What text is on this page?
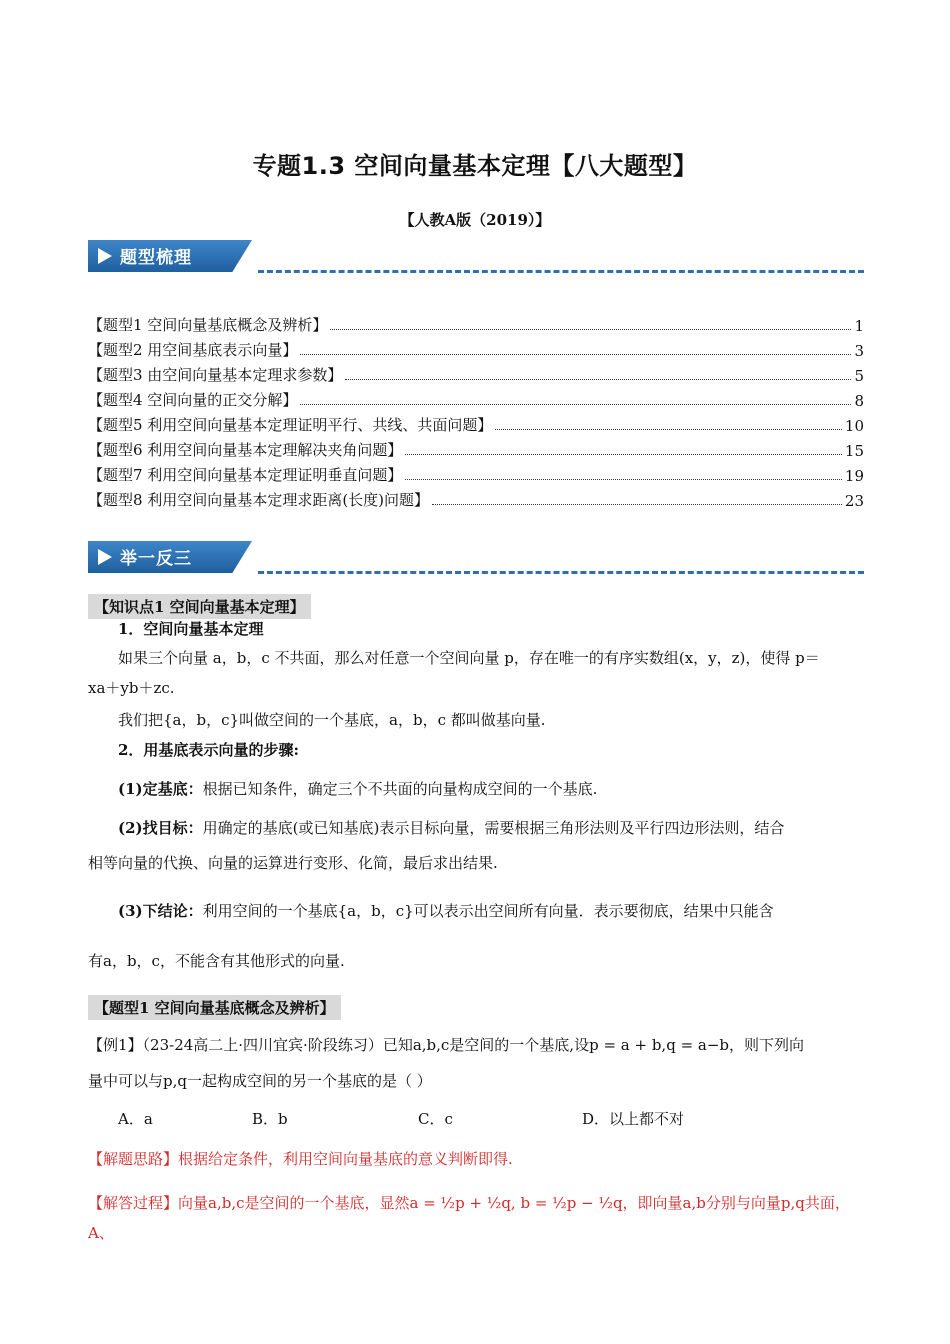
专题1.3 空间向量基本定理【八大题型】
【人教A版（2019）】
题型梳理
【题型1 空间向量基底概念及辨析】	1
【题型2 用空间基底表示向量】	3
【题型3 由空间向量基本定理求参数】	5
【题型4 空间向量的正交分解】	8
【题型5 利用空间向量基本定理证明平行、共线、共面问题】	10
【题型6 利用空间向量基本定理解决夹角问题】	15
【题型7 利用空间向量基本定理证明垂直问题】	19
【题型8 利用空间向量基本定理求距离(长度)问题】	23
举一反三
【知识点1 空间向量基本定理】
1．空间向量基本定理
如果三个向量 a，b，c 不共面，那么对任意一个空间向量 p，存在唯一的有序实数组(x，y，z)，使得 p＝
xa＋yb＋zc.
我们把{a，b，c}叫做空间的一个基底，a，b，c 都叫做基向量.
2．用基底表示向量的步骤:
(1)定基底：根据已知条件，确定三个不共面的向量构成空间的一个基底.
(2)找目标：用确定的基底(或已知基底)表示目标向量，需要根据三角形法则及平行四边形法则，结合
相等向量的代换、向量的运算进行变形、化简，最后求出结果.
(3)下结论：利用空间的一个基底{a，b，c}可以表示出空间所有向量．表示要彻底，结果中只能含
有a，b，c，不能含有其他形式的向量.
【题型1 空间向量基底概念及辨析】
【例1】（23-24高二上·四川宜宾·阶段练习）已知a,b,c是空间的一个基底,设p = a + b,q = a−b，则下列向
量中可以与p,q一起构成空间的另一个基底的是（ ）
A．a	B．b	C．c	D．以上都不对
【解题思路】根据给定条件，利用空间向量基底的意义判断即得.
【解答过程】向量a,b,c是空间的一个基底，显然a = ½p + ½q, b = ½p − ½q，即向量a,b分别与向量p,q共面，A、
